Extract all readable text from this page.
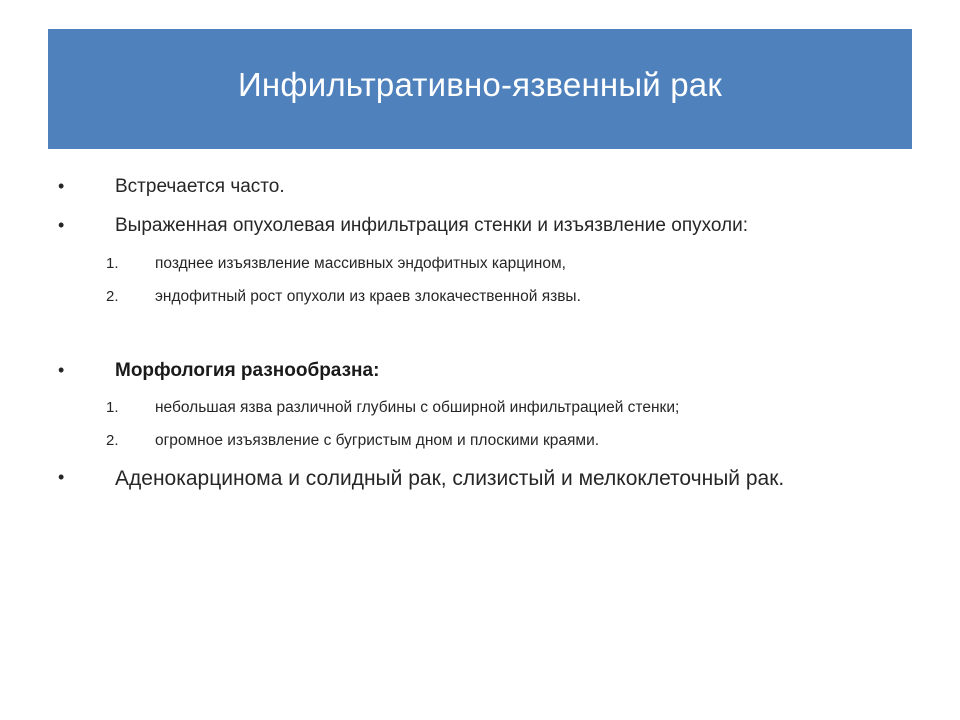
Инфильтративно-язвенный рак
•	Встречается часто.
•	Выраженная опухолевая инфильтрация стенки и изъязвление опухоли:
1. позднее изъязвление массивных эндофитных карцином,
2. эндофитный рост опухоли из краев злокачественной язвы.
•	Морфология разнообразна:
1. небольшая язва различной глубины с обширной инфильтрацией стенки;
2. огромное изъязвление с бугристым дном и плоскими краями.
• Аденокарцинома и солидный рак, слизистый и мелкоклеточный рак.
